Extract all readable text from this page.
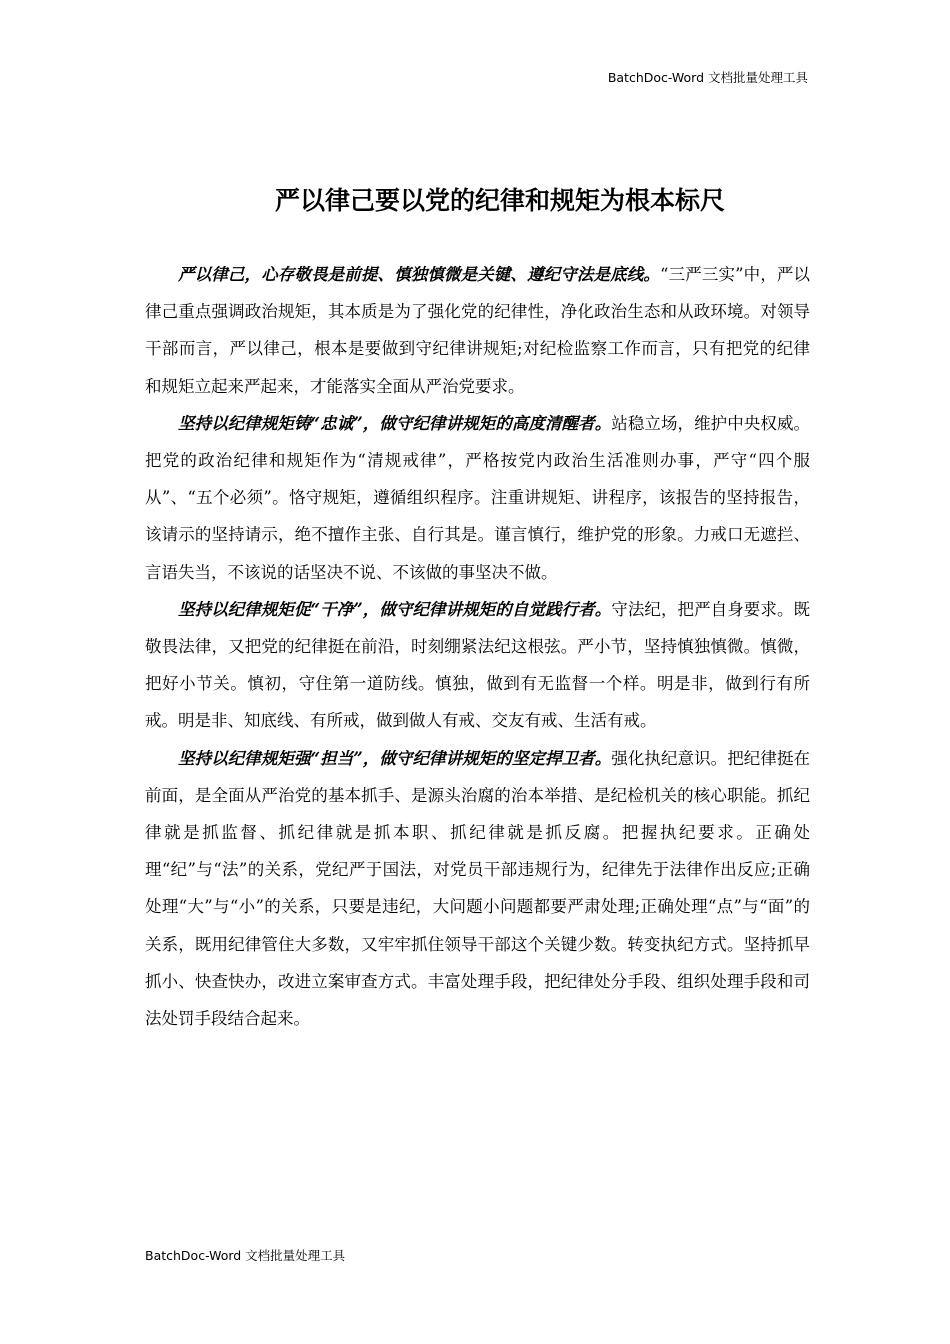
BatchDoc-Word 文档批量处理工具
严以律己要以党的纪律和规矩为根本标尺

严以律己，心存敬畏是前提、慎独慎微是关键、遵纪守法是底线。“三严三实”中，严以律己重点强调政治规矩，其本质是为了强化党的纪律性，净化政治生态和从政环境。对领导干部而言，严以律己，根本是要做到守纪律讲规矩;对纪检监察工作而言，只有把党的纪律和规矩立起来严起来，才能落实全面从严治党要求。

坚持以纪律规矩铸“忠诚”，做守纪律讲规矩的高度清醒者。站稳立场，维护中央权威。把党的政治纪律和规矩作为“清规戒律”，严格按党内政治生活准则办事，严守“四个服从”、“五个必须”。恪守规矩，遵循组织程序。注重讲规矩、讲程序，该报告的坚持报告，该请示的坚持请示，绝不擅作主张、自行其是。谨言慎行，维护党的形象。力戒口无遮拦、言语失当，不该说的话坚决不说、不该做的事坚决不做。

坚持以纪律规矩促“干净”，做守纪律讲规矩的自觉践行者。守法纪，把严自身要求。既敬畏法律，又把党的纪律挺在前沿，时刻绷紧法纪这根弦。严小节，坚持慎独慎微。慎微，把好小节关。慎初，守住第一道防线。慎独，做到有无监督一个样。明是非，做到行有所戒。明是非、知底线、有所戒，做到做人有戒、交友有戒、生活有戒。

坚持以纪律规矩强“担当”，做守纪律讲规矩的坚定捍卫者。强化执纪意识。把纪律挺在前面，是全面从严治党的基本抓手、是源头治腐的治本举措、是纪检机关的核心职能。抓纪律就是抓监督、抓纪律就是抓本职、抓纪律就是抓反腐。把握执纪要求。正确处理“纪”与“法”的关系，党纪严于国法，对党员干部违规行为，纪律先于法律作出反应;正确处理“大”与“小”的关系，只要是违纪，大问题小问题都要严肃处理;正确处理“点”与“面”的关系，既用纪律管住大多数，又牢牢抓住领导干部这个关键少数。转变执纪方式。坚持抓早抓小、快查快办，改进立案审查方式。丰富处理手段，把纪律处分手段、组织处理手段和司法处罚手段结合起来。

BatchDoc-Word 文档批量处理工具
